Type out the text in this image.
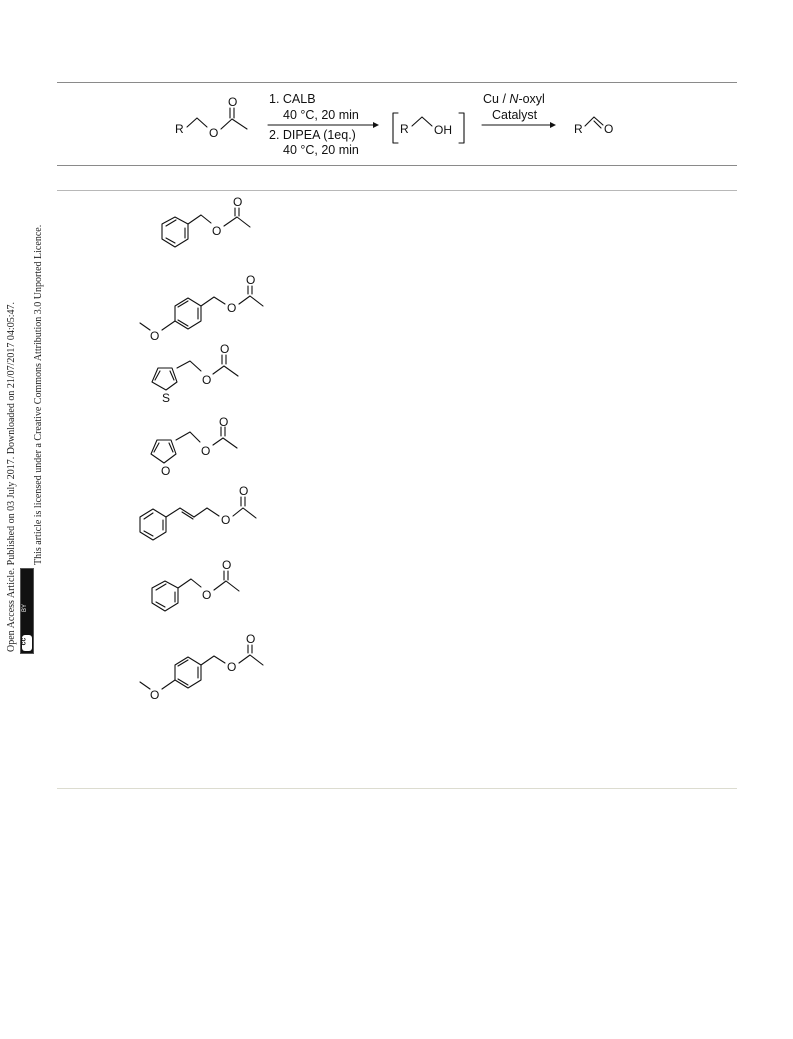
R O
O
R OH	R O
1. CALB
40 °C, 20 min
2. DIPEA (1eq.)
40 °C, 20 min
Cu / N-oxyl
Catalyst
O
O
O
O
O
S
O
O
O
O
O
O
O
O
O
O
O
O
Open Access Article. Published on 03 July 2017. Downloaded on 21/07/2017 04:05:47. This article is licensed under a Creative Commons Attribution 3.0 Unported Licence.
BY
cc
